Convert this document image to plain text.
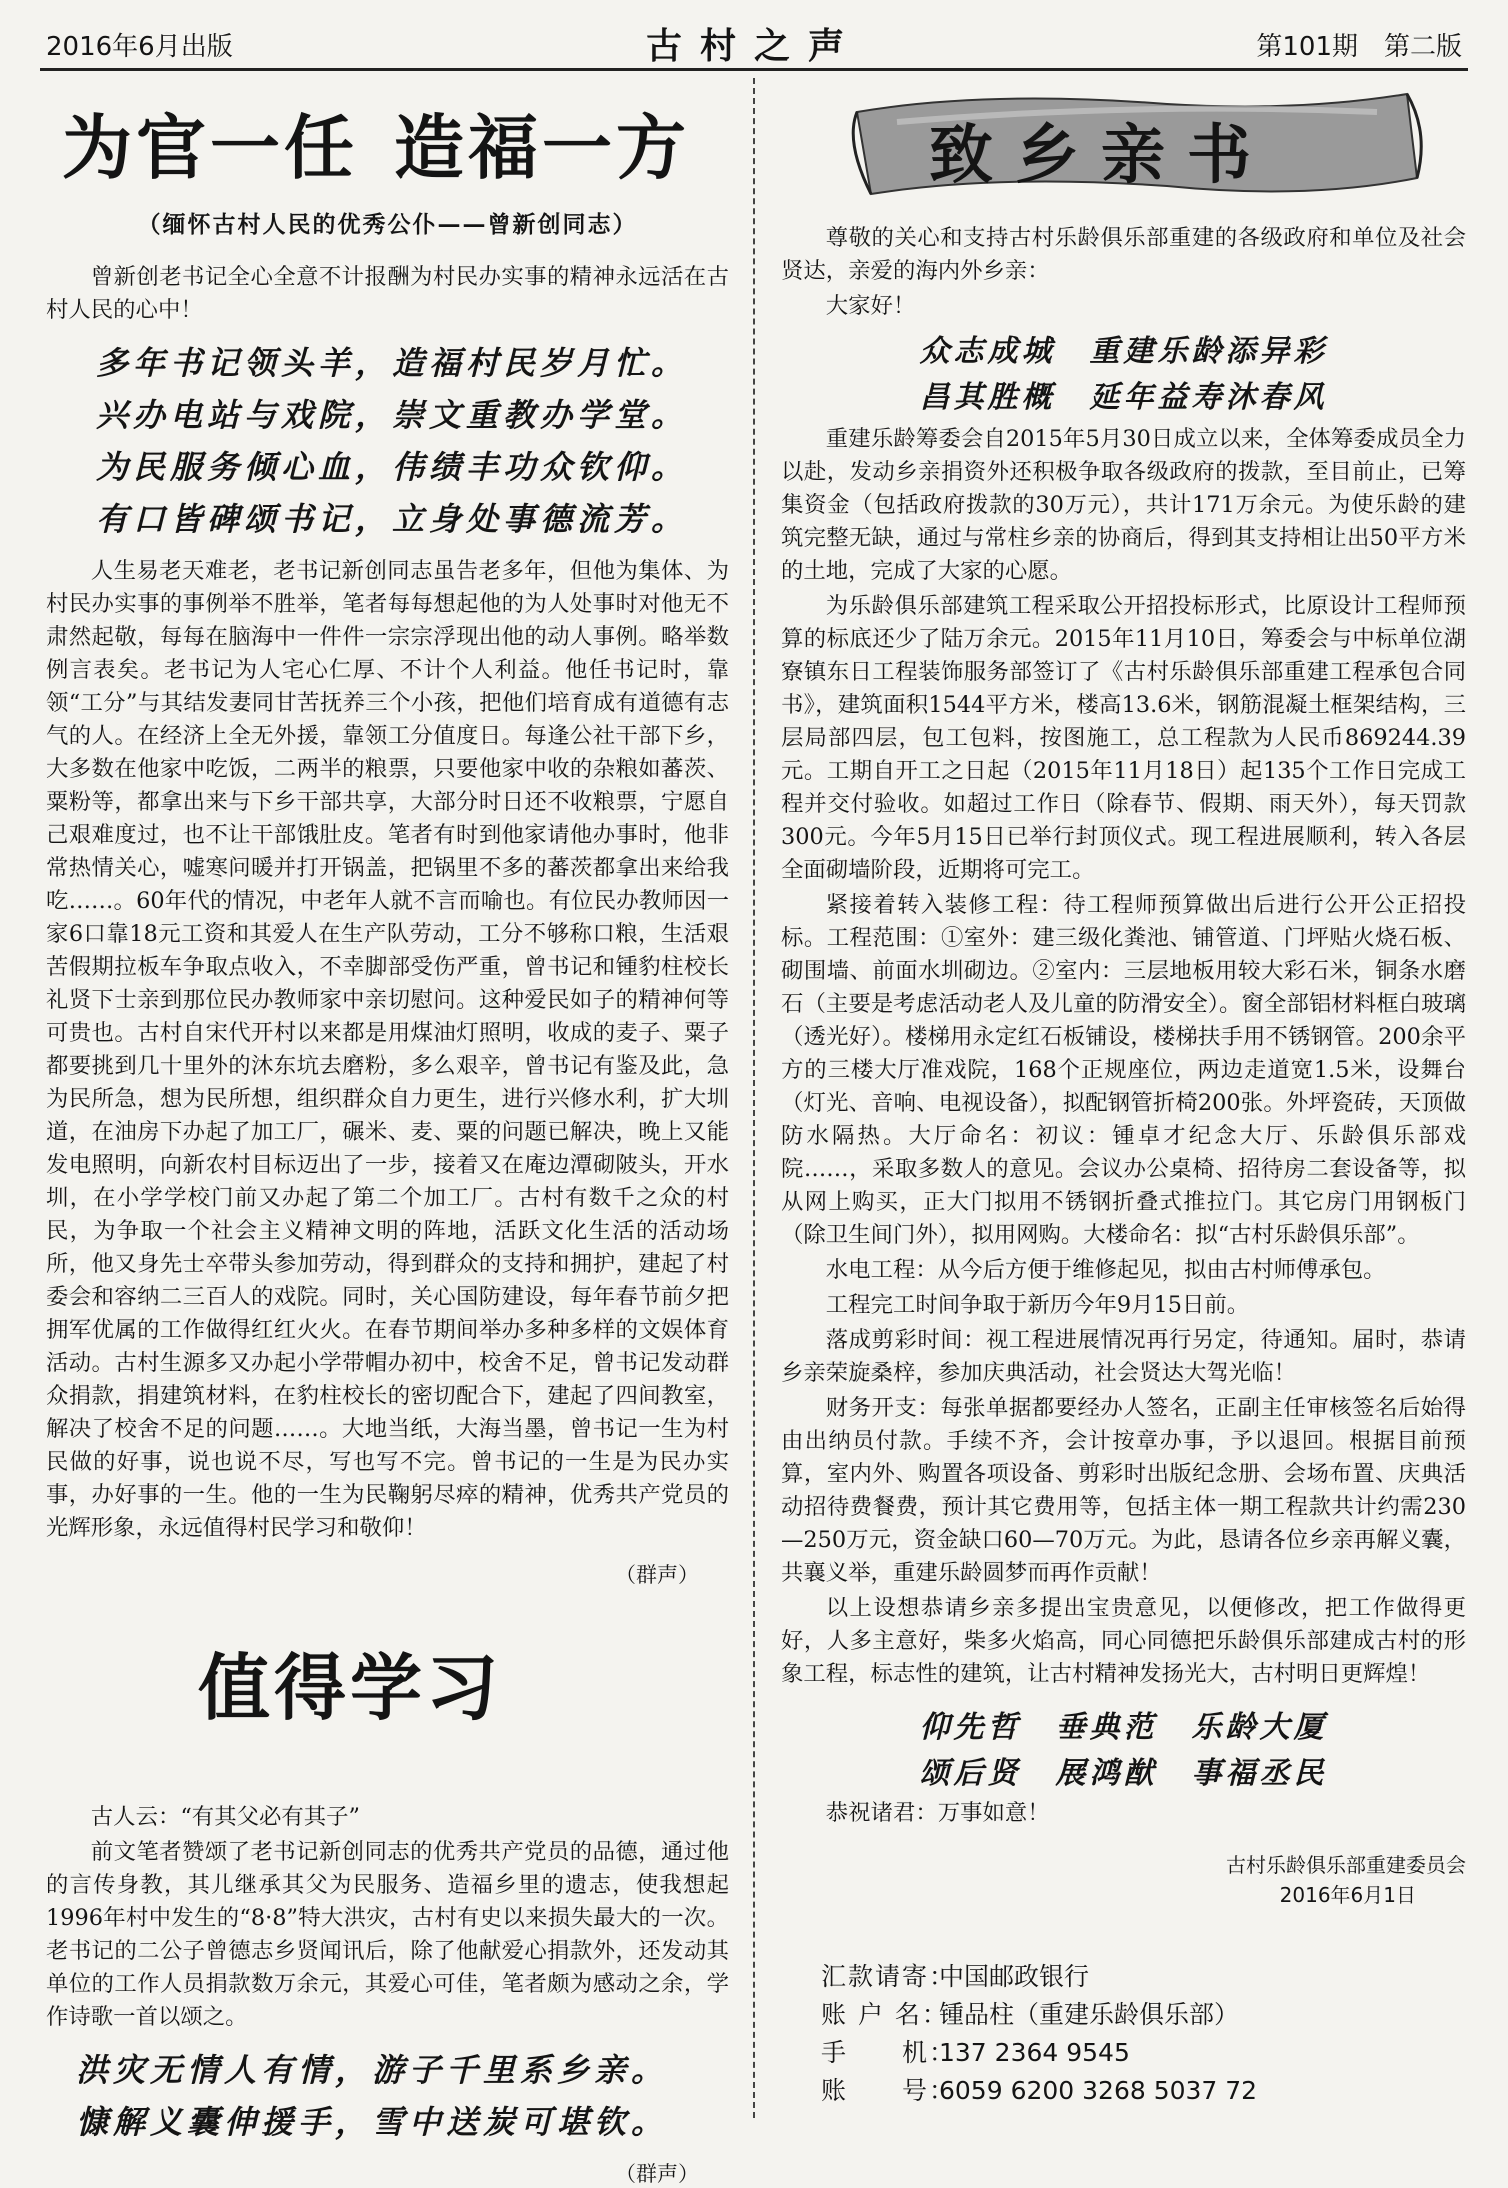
2016年6月出版	古村之声	第101期　第二版
为官一任 造福一方
（缅怀古村人民的优秀公仆——曾新创同志）

曾新创老书记全心全意不计报酬为村民办实事的精神永远活在古村人民的心中！

多年书记领头羊，造福村民岁月忙。
兴办电站与戏院，崇文重教办学堂。
为民服务倾心血，伟绩丰功众钦仰。
有口皆碑颂书记，立身处事德流芳。

人生易老天难老，老书记新创同志虽告老多年，但他为集体、为村民办实事的事例举不胜举，笔者每每想起他的为人处事时对他无不肃然起敬，每每在脑海中一件件一宗宗浮现出他的动人事例。略举数例言表矣。老书记为人宅心仁厚、不计个人利益。他任书记时，靠领“工分”与其结发妻同甘苦抚养三个小孩，把他们培育成有道德有志气的人。在经济上全无外援，靠领工分值度日。每逢公社干部下乡，大多数在他家中吃饭，二两半的粮票，只要他家中收的杂粮如蕃茨、粟粉等，都拿出来与下乡干部共享，大部分时日还不收粮票，宁愿自己艰难度过，也不让干部饿肚皮。笔者有时到他家请他办事时，他非常热情关心，嘘寒问暖并打开锅盖，把锅里不多的蕃茨都拿出来给我吃……。60年代的情况，中老年人就不言而喻也。有位民办教师因一家6口靠18元工资和其爱人在生产队劳动，工分不够称口粮，生活艰苦假期拉板车争取点收入，不幸脚部受伤严重，曾书记和锺豹柱校长礼贤下士亲到那位民办教师家中亲切慰问。这种爱民如子的精神何等可贵也。古村自宋代开村以来都是用煤油灯照明，收成的麦子、粟子都要挑到几十里外的沐东坑去磨粉，多么艰辛，曾书记有鉴及此，急为民所急，想为民所想，组织群众自力更生，进行兴修水利，扩大圳道，在油房下办起了加工厂，碾米、麦、粟的问题已解决，晚上又能发电照明，向新农村目标迈出了一步，接着又在庵边潭砌陂头，开水圳，在小学学校门前又办起了第二个加工厂。古村有数千之众的村民，为争取一个社会主义精神文明的阵地，活跃文化生活的活动场所，他又身先士卒带头参加劳动，得到群众的支持和拥护，建起了村委会和容纳二三百人的戏院。同时，关心国防建设，每年春节前夕把拥军优属的工作做得红红火火。在春节期间举办多种多样的文娱体育活动。古村生源多又办起小学带帽办初中，校舍不足，曾书记发动群众捐款，捐建筑材料，在豹柱校长的密切配合下，建起了四间教室，解决了校舍不足的问题……。大地当纸，大海当墨，曾书记一生为村民做的好事，说也说不尽，写也写不完。曾书记的一生是为民办实事，办好事的一生。他的一生为民鞠躬尽瘁的精神，优秀共产党员的光辉形象，永远值得村民学习和敬仰！

（群声）
值得学习

古人云：“有其父必有其子”

前文笔者赞颂了老书记新创同志的优秀共产党员的品德，通过他的言传身教，其儿继承其父为民服务、造福乡里的遗志，使我想起1996年村中发生的“8·8”特大洪灾，古村有史以来损失最大的一次。老书记的二公子曾德志乡贤闻讯后，除了他献爱心捐款外，还发动其单位的工作人员捐款数万余元，其爱心可佳，笔者颇为感动之余，学作诗歌一首以颂之。

洪灾无情人有情，游子千里系乡亲。
慷解义囊伸援手，雪中送炭可堪钦。
（群声）
致乡亲书

尊敬的关心和支持古村乐龄俱乐部重建的各级政府和单位及社会贤达，亲爱的海内外乡亲：

大家好！

众志成城 重建乐龄添异彩
昌其胜概 延年益寿沐春风

重建乐龄筹委会自2015年5月30日成立以来，全体筹委成员全力以赴，发动乡亲捐资外还积极争取各级政府的拨款，至目前止，已筹集资金（包括政府拨款的30万元），共计171万余元。为使乐龄的建筑完整无缺，通过与常柱乡亲的协商后，得到其支持相让出50平方米的土地，完成了大家的心愿。

为乐龄俱乐部建筑工程采取公开招投标形式，比原设计工程师预算的标底还少了陆万余元。2015年11月10日，筹委会与中标单位湖寮镇东日工程装饰服务部签订了《古村乐龄俱乐部重建工程承包合同书》，建筑面积1544平方米，楼高13.6米，钢筋混凝土框架结构，三层局部四层，包工包料，按图施工，总工程款为人民币869244.39元。工期自开工之日起（2015年11月18日）起135个工作日完成工程并交付验收。如超过工作日（除春节、假期、雨天外），每天罚款300元。今年5月15日已举行封顶仪式。现工程进展顺利，转入各层全面砌墙阶段，近期将可完工。

紧接着转入装修工程：待工程师预算做出后进行公开公正招投标。工程范围：①室外：建三级化粪池、铺管道、门坪贴火烧石板、砌围墙、前面水圳砌边。②室内：三层地板用较大彩石米，铜条水磨石（主要是考虑活动老人及儿童的防滑安全）。窗全部铝材料框白玻璃（透光好）。楼梯用永定红石板铺设，楼梯扶手用不锈钢管。200余平方的三楼大厅准戏院，168个正规座位，两边走道宽1.5米，设舞台（灯光、音响、电视设备），拟配钢管折椅200张。外坪瓷砖，天顶做防水隔热。大厅命名：初议：锺卓才纪念大厅、乐龄俱乐部戏院……，采取多数人的意见。会议办公桌椅、招待房二套设备等，拟从网上购买，正大门拟用不锈钢折叠式推拉门。其它房门用钢板门（除卫生间门外），拟用网购。大楼命名：拟“古村乐龄俱乐部”。

水电工程：从今后方便于维修起见，拟由古村师傅承包。

工程完工时间争取于新历今年9月15日前。

落成剪彩时间：视工程进展情况再行另定，待通知。届时，恭请乡亲荣旋桑梓，参加庆典活动，社会贤达大驾光临！

财务开支：每张单据都要经办人签名，正副主任审核签名后始得由出纳员付款。手续不齐，会计按章办事，予以退回。根据目前预算，室内外、购置各项设备、剪彩时出版纪念册、会场布置、庆典活动招待费餐费，预计其它费用等，包括主体一期工程款共计约需230—250万元，资金缺口60—70万元。为此，恳请各位乡亲再解义囊，共襄义举，重建乐龄圆梦而再作贡献！

以上设想恭请乡亲多提出宝贵意见，以便修改，把工作做得更好，人多主意好，柴多火焰高，同心同德把乐龄俱乐部建成古村的形象工程，标志性的建筑，让古村精神发扬光大，古村明日更辉煌！

仰先哲 垂典范 乐龄大厦
颂后贤 展鸿猷 事福丞民

恭祝诸君：万事如意！

古村乐龄俱乐部重建委员会
2016年6月1日
汇款请寄：中国邮政银行
账 户 名：锺品柱（重建乐龄俱乐部）
手　　机：137 2364 9545
账　　号：6059 6200 3268 5037 72
